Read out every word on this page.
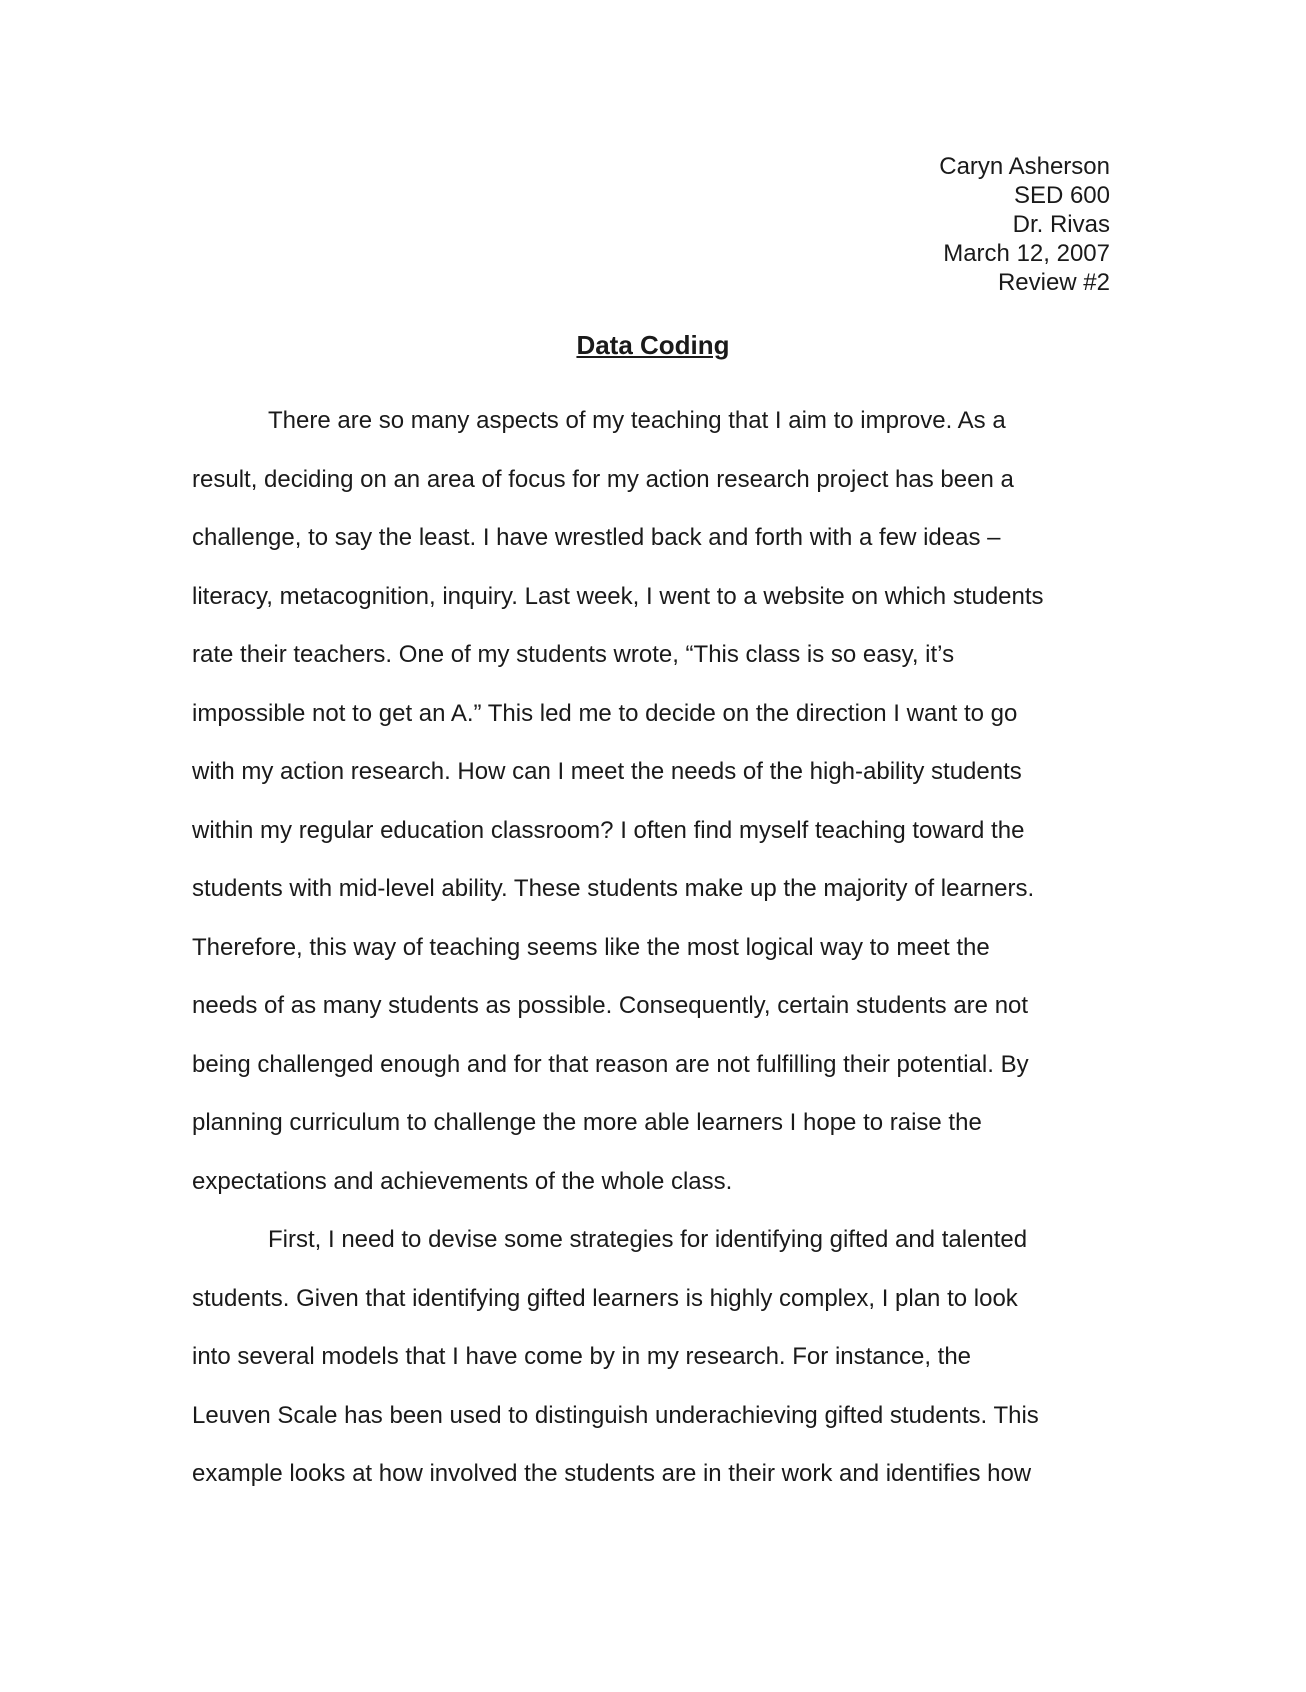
Caryn Asherson
SED 600
Dr. Rivas
March 12, 2007
Review #2
Data Coding
There are so many aspects of my teaching that I aim to improve. As a
result, deciding on an area of focus for my action research project has been a
challenge, to say the least. I have wrestled back and forth with a few ideas –
literacy, metacognition, inquiry. Last week, I went to a website on which students
rate their teachers. One of my students wrote, “This class is so easy, it’s
impossible not to get an A.” This led me to decide on the direction I want to go
with my action research. How can I meet the needs of the high-ability students
within my regular education classroom? I often find myself teaching toward the
students with mid-level ability. These students make up the majority of learners.
Therefore, this way of teaching seems like the most logical way to meet the
needs of as many students as possible. Consequently, certain students are not
being challenged enough and for that reason are not fulfilling their potential. By
planning curriculum to challenge the more able learners I hope to raise the
expectations and achievements of the whole class.
First, I need to devise some strategies for identifying gifted and talented
students. Given that identifying gifted learners is highly complex, I plan to look
into several models that I have come by in my research. For instance, the
Leuven Scale has been used to distinguish underachieving gifted students. This
example looks at how involved the students are in their work and identifies how
